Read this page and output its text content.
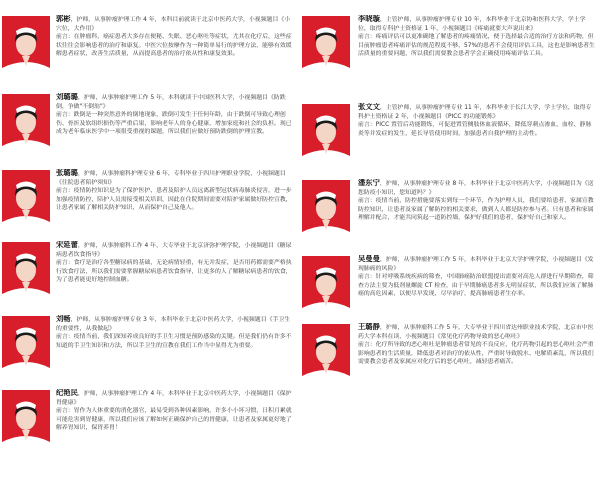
郭彬，护师，从事肿瘤护理工作 4 年，本科目前就读于北京中医药大学，小视频题目《小穴位，大作用》

前言：在肿瘤科，癌症患者大多存在便秘、失眠、恶心呕吐等症状，尤其在化疗后，这些症状往往会影响患者的治疗和康复。中医穴位按摩作为一种简单易行的护理方法，能够有效缓解患者症状，改善生活质量，从而提高患者的治疗依从性和康复效果。

刘璐璐，护师，从事肿瘤护理工作 5 年，本科就读于中国医科大学，小视频题目《防跌倒，争做"不倒翁"》

前言：跌倒是一种突然意外的倒地现象，跌倒可发生于任何年龄，由于跌倒可导致心理创伤、骨折及软组织损伤等严重后果，影响老年人的身心健康，增加家庭和社会的负担。现已成为老年临床医学中一项很受重视的课题，所以我们应做好预防跌倒的护理宣教。

张璐璐，护师，从事肿瘤科护理专业 6 年，专科毕业于四川护理职业学院，小视频题目《住院患者陪护须知》

前言：疫情防控知识是为了保护医护、患者及陪护人员远离新型冠状病毒肺炎侵害，进一步加强疫情防控，陪护人员需接受相关培训，因此在住院期间需要对陪护家属做好防控宣教，让患者家属了解相关防护知识，从而保护自己及他人。

宋延蕾，护师，从事肿瘤科工作 4 年，大专毕业于北京济弥护理学院，小视频题目《糖尿病患者饮食指导》

前言：食疗是治疗各型糖尿病的基础，无论病情轻重，有无并发症，是否用药都需要严格执行饮食疗法，所以我们需要掌握糖尿病患者饮食指导，让更多的人了解糖尿病患者的饮食，为了患者能更好地控制血糖。

刘畅，护师，从事肿瘤护理专业 3 年，本科毕业于北京中医药大学，小视频题目《手卫生的重要性，从我做起》

前言：疫情当前，我们深知养成良好的手卫生习惯是预防感染的关键。但是我们仍有许多不知道的手卫生知识和方法，所以手卫生的宣教在我们工作当中显得尤为重要。

纪艳民，护师，从事肿瘤护理工作 4 年，本科毕业于北京中医药大学，小视频题目《保护胃健康》

前言：胃作为人体重要的消化器官，最易受到各种因素影响，许多小小坏习惯，日积月累就可能危害到胃健康，所以我们应该了解如何正确保护自己的胃健康，让患者及家属更好地了解养胃知识，保胃养胃！

李晓璇，主管护师，从事肿瘤护理专业 10 年，本科毕业于北京协和医科大学，学士学位，取得专科护士资格证 1 年，小视频题目《疼痛就要大声说出来》

前言：疼痛评估可以更准确地了解患者的疼痛情况，便于选择最合适的治疗方法和药物，但目前肿瘤患者疼痛评估的规范程度不够，57%的患者不会使用评估工具，这也是影响患者生活质量的重要问题，所以我们需要教会患者学会正确使用疼痛评估工具。

张文文，主管护师，从事肿瘤护理专业 11 年，本科毕业于长江大学，学士学位，取得专科护士资格证 2 年，小视频题目《PICC 的功能锻炼》

前言：PICC 置管后功能锻炼，可促进置管侧肢体血液循环，降低穿刺点渗血、血栓、静脉炎等并发症的发生，延长导管使用时间，加强患者自我护理的主动性。

潘东宁，护师，从事肿瘤护理专业 8 年，本科毕业于北京中医药大学，小视频题目为《送您防疫小知识，您知道吗？》

前言：疫情当前，防控措施要落实到每一个环节，作为护理人员，我们要给患者、家属宣教防控知识，让患者及家属了解防控的相关要求，做到人人都是防控参与者。只有患者和家属理解并配合，才能共同筑起一道防控墙，保护好我们的患者，保护好自己和家人。

吴曼曼，护师，从事肿瘤护理工作 5 年，本科毕业于北京大学护理学院，小视频题目《发现肺癌的风险》

前言：针对呼吸系统疾病的筛查，中国肺癌防治联盟提出需要对高危人群进行早期筛查，筛查方法主要为低剂量螺旋 CT 检查，由于早期肺癌患者多无明显症状，所以我们应该了解肺癌的高危因素，以便尽早发现，尽早治疗，提高肺癌患者生存率。

王璐静，护师，从事肿瘤科工作 5 年，大专毕业于四川省达州职业技术学院，北京市中医药大学本科在读，小视频题目《常见化疗药物导致的恶心呕吐》

前言：化疗所导致的恶心呕吐是肿瘤患者常见的不良反应，化疗药物引起的恶心呕吐会严重影响患者的生活质量，降低患者对治疗的依从性，严重时导致脱水、电解质紊乱，所以我们需要教会患者及家属应对化疗后的恶心呕吐，减轻患者痛苦。
